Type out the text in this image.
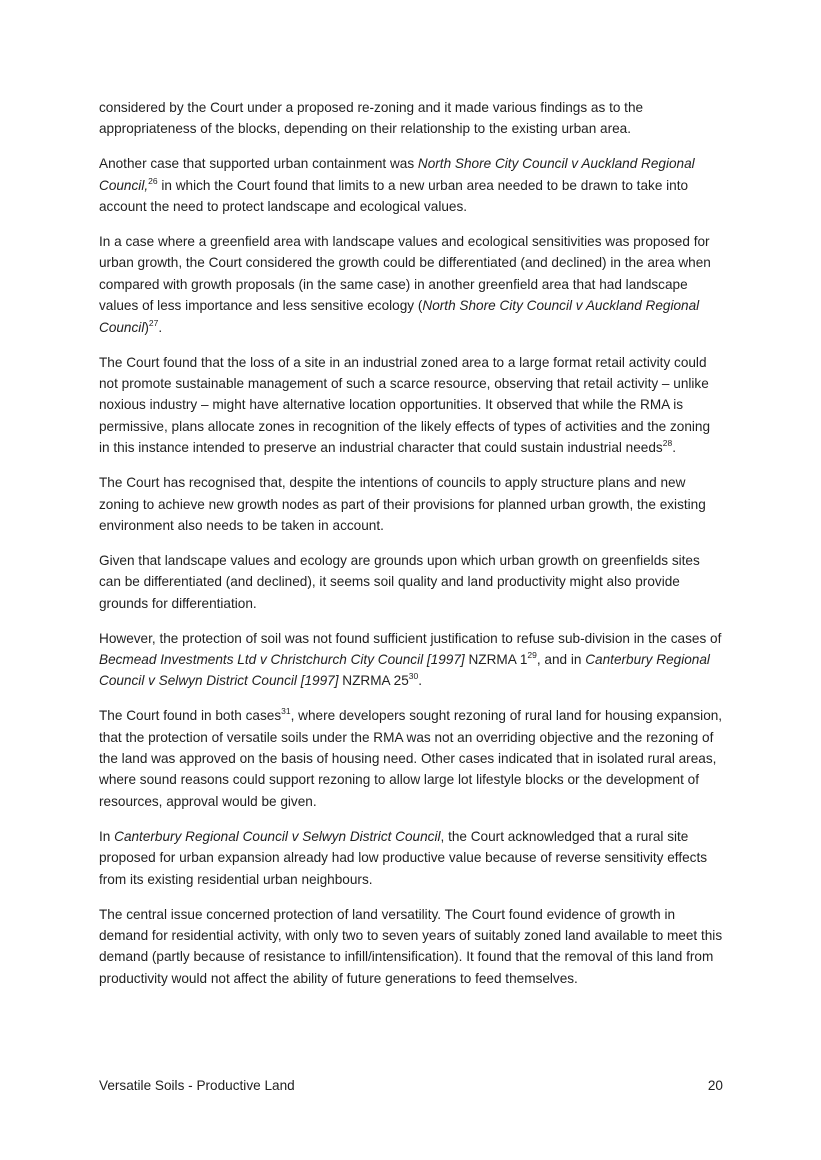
considered by the Court under a proposed re-zoning and it made various findings as to the appropriateness of the blocks, depending on their relationship to the existing urban area.

Another case that supported urban containment was North Shore City Council v Auckland Regional Council,$^{26}$ in which the Court found that limits to a new urban area needed to be drawn to take into account the need to protect landscape and ecological values.

In a case where a greenfield area with landscape values and ecological sensitivities was proposed for urban growth, the Court considered the growth could be differentiated (and declined) in the area when compared with growth proposals (in the same case) in another greenfield area that had landscape values of less importance and less sensitive ecology (North Shore City Council v Auckland Regional Council)$^{27}$.

The Court found that the loss of a site in an industrial zoned area to a large format retail activity could not promote sustainable management of such a scarce resource, observing that retail activity – unlike noxious industry – might have alternative location opportunities. It observed that while the RMA is permissive, plans allocate zones in recognition of the likely effects of types of activities and the zoning in this instance intended to preserve an industrial character that could sustain industrial needs$^{28}$.

The Court has recognised that, despite the intentions of councils to apply structure plans and new zoning to achieve new growth nodes as part of their provisions for planned urban growth, the existing environment also needs to be taken in account.

Given that landscape values and ecology are grounds upon which urban growth on greenfields sites can be differentiated (and declined), it seems soil quality and land productivity might also provide grounds for differentiation.

However, the protection of soil was not found sufficient justification to refuse sub-division in the cases of Becmead Investments Ltd v Christchurch City Council [1997] NZRMA $1^{29}$, and in Canterbury Regional Council v Selwyn District Council [1997] NZRMA $25^{30}$.

The Court found in both cases$^{31}$, where developers sought rezoning of rural land for housing expansion, that the protection of versatile soils under the RMA was not an overriding objective and the rezoning of the land was approved on the basis of housing need. Other cases indicated that in isolated rural areas, where sound reasons could support rezoning to allow large lot lifestyle blocks or the development of resources, approval would be given.

In Canterbury Regional Council v Selwyn District Council, the Court acknowledged that a rural site proposed for urban expansion already had low productive value because of reverse sensitivity effects from its existing residential urban neighbours.

The central issue concerned protection of land versatility. The Court found evidence of growth in demand for residential activity, with only two to seven years of suitably zoned land available to meet this demand (partly because of resistance to infill/intensification). It found that the removal of this land from productivity would not affect the ability of future generations to feed themselves.

Versatile Soils - Productive Land	20
